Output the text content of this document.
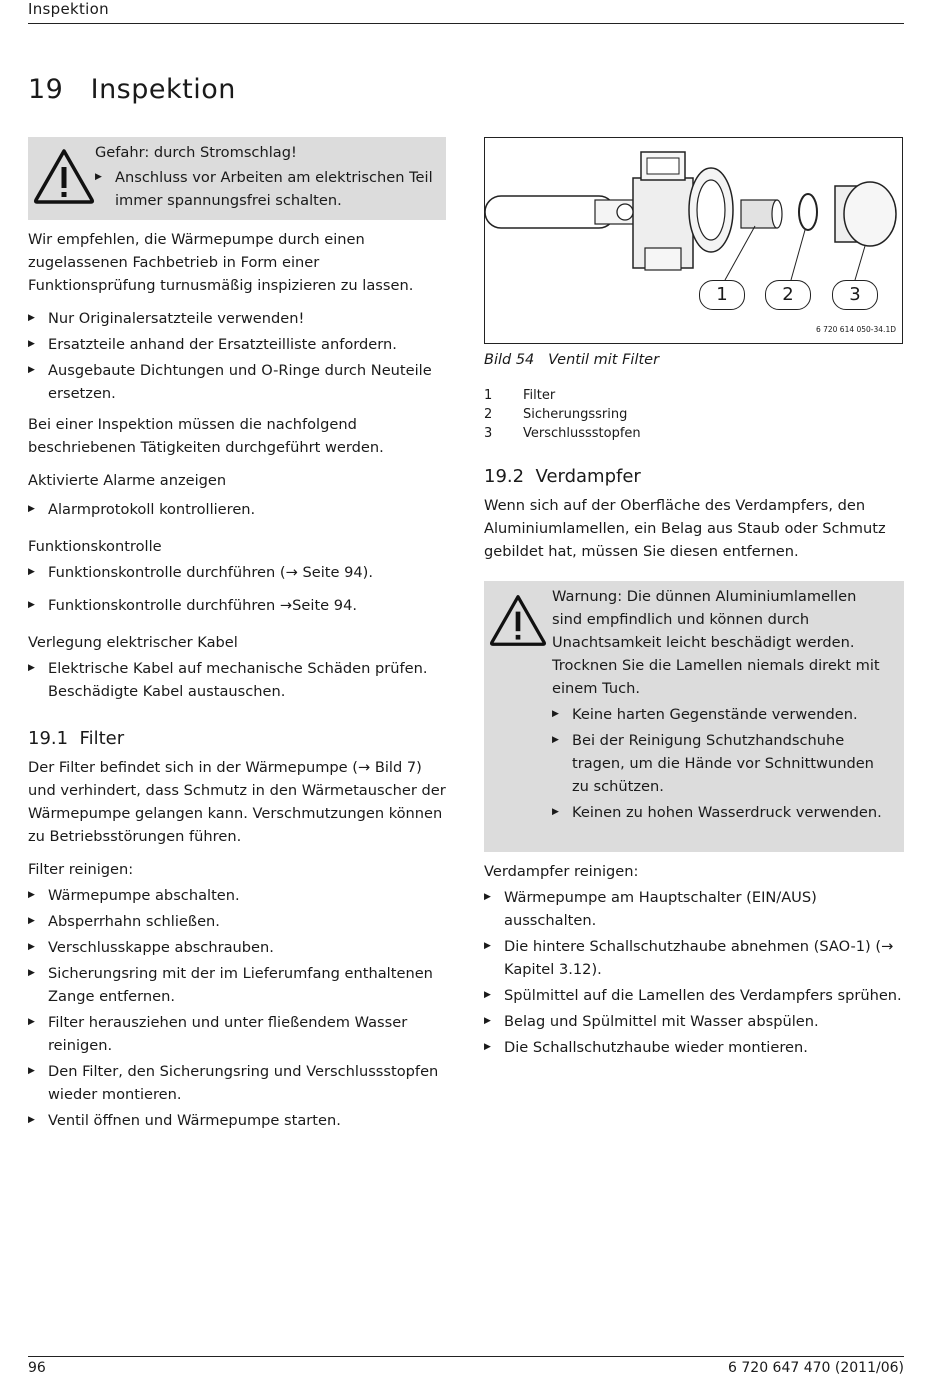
Inspektion
19 Inspektion
Gefahr: durch Stromschlag!
▶ Anschluss vor Arbeiten am elektrischen Teil immer spannungsfrei schalten.

Wir empfehlen, die Wärmepumpe durch einen zugelassenen Fachbetrieb in Form einer Funktionsprüfung turnusmäßig inspizieren zu lassen.

▶ Nur Originalersatzteile verwenden!
▶ Ersatzteile anhand der Ersatzteilliste anfordern.
▶ Ausgebaute Dichtungen und O-Ringe durch Neuteile ersetzen.

Bei einer Inspektion müssen die nachfolgend beschriebenen Tätigkeiten durchgeführt werden.

Aktivierte Alarme anzeigen
▶ Alarmprotokoll kontrollieren.
Funktionskontrolle
▶ Funktionskontrolle durchführen (→ Seite 94).
▶ Funktionskontrolle durchführen →Seite 94.
Verlegung elektrischer Kabel
▶ Elektrische Kabel auf mechanische Schäden prüfen. Beschädigte Kabel austauschen.
19.1 Filter

Der Filter befindet sich in der Wärmepumpe (→ Bild 7) und verhindert, dass Schmutz in den Wärmetauscher der Wärmepumpe gelangen kann. Verschmutzungen können zu Betriebsstörungen führen.

Filter reinigen:
▶ Wärmepumpe abschalten.
▶ Absperrhahn schließen.
▶ Verschlusskappe abschrauben.
▶ Sicherungsring mit der im Lieferumfang enthaltenen Zange entfernen.
▶ Filter herausziehen und unter fließendem Wasser reinigen.
▶ Den Filter, den Sicherungsring und Verschlussstopfen wieder montieren.
▶ Ventil öffnen und Wärmepumpe starten.
1	2	3
6 720 614 050-34.1D
Bild 54 Ventil mit Filter
1 Filter
2 Sicherungssring
3 Verschlussstopfen
19.2 Verdampfer

Wenn sich auf der Oberfläche des Verdampfers, den Aluminiumlamellen, ein Belag aus Staub oder Schmutz gebildet hat, müssen Sie diesen entfernen.

Warnung: Die dünnen Aluminiumlamellen sind empfindlich und können durch Unachtsamkeit leicht beschädigt werden. Trocknen Sie die Lamellen niemals direkt mit einem Tuch.
▶ Keine harten Gegenstände verwenden.
▶ Bei der Reinigung Schutzhandschuhe tragen, um die Hände vor Schnittwunden zu schützen.
▶ Keinen zu hohen Wasserdruck verwenden.
Verdampfer reinigen:
▶ Wärmepumpe am Hauptschalter (EIN/AUS) ausschalten.
▶ Die hintere Schallschutzhaube abnehmen (SAO-1) (→ Kapitel 3.12).
▶ Spülmittel auf die Lamellen des Verdampfers sprühen.
▶ Belag und Spülmittel mit Wasser abspülen.
▶ Die Schallschutzhaube wieder montieren.
96	6 720 647 470 (2011/06)
